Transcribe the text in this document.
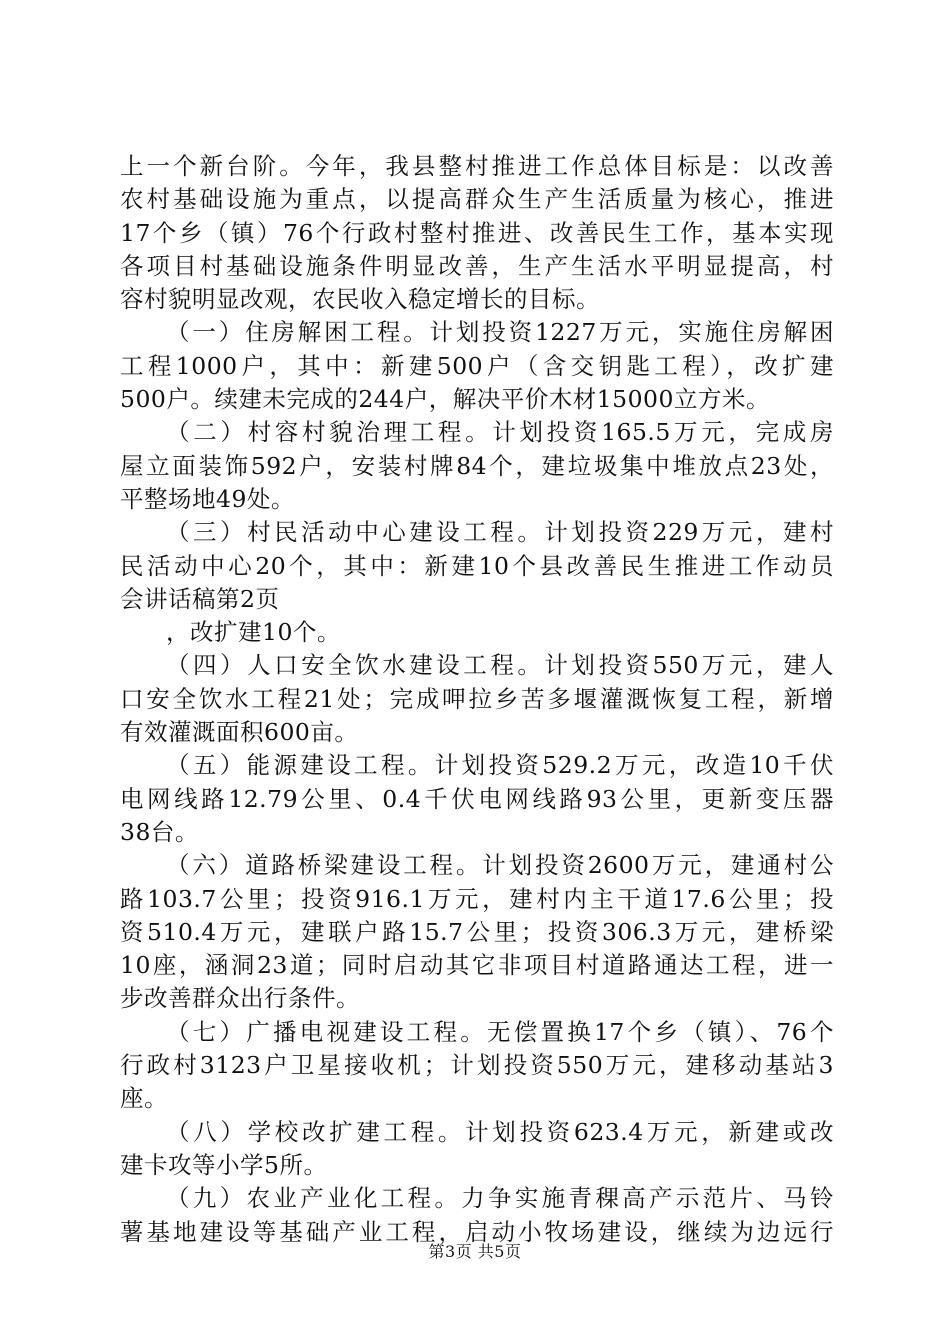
上一个新台阶。今年，我县整村推进工作总体目标是：以改善
农村基础设施为重点，以提高群众生产生活质量为核心，推进
17个乡（镇）76个行政村整村推进、改善民生工作，基本实现
各项目村基础设施条件明显改善，生产生活水平明显提高，村
容村貌明显改观，农民收入稳定增长的目标。
（一）住房解困工程。计划投资1227万元，实施住房解困
工程1000户，其中：新建500户（含交钥匙工程），改扩建
500户。续建未完成的244户，解决平价木材15000立方米。
（二）村容村貌治理工程。计划投资165.5万元，完成房
屋立面装饰592户，安装村牌84个，建垃圾集中堆放点23处，
平整场地49处。
（三）村民活动中心建设工程。计划投资229万元，建村
民活动中心20个，其中：新建10个县改善民生推进工作动员
会讲话稿第2页
，改扩建10个。
（四）人口安全饮水建设工程。计划投资550万元，建人
口安全饮水工程21处；完成呷拉乡苦多堰灌溉恢复工程，新增
有效灌溉面积600亩。
（五）能源建设工程。计划投资529.2万元，改造10千伏
电网线路12.79公里、0.4千伏电网线路93公里，更新变压器
38台。
（六）道路桥梁建设工程。计划投资2600万元，建通村公
路103.7公里；投资916.1万元，建村内主干道17.6公里；投
资510.4万元，建联户路15.7公里；投资306.3万元，建桥梁
10座，涵洞23道；同时启动其它非项目村道路通达工程，进一
步改善群众出行条件。
（七）广播电视建设工程。无偿置换17个乡（镇）、76个
行政村3123户卫星接收机；计划投资550万元，建移动基站3
座。
（八）学校改扩建工程。计划投资623.4万元，新建或改
建卡攻等小学5所。
（九）农业产业化工程。力争实施青稞高产示范片、马铃
薯基地建设等基础产业工程，启动小牧场建设，继续为边远行
第3页 共5页
